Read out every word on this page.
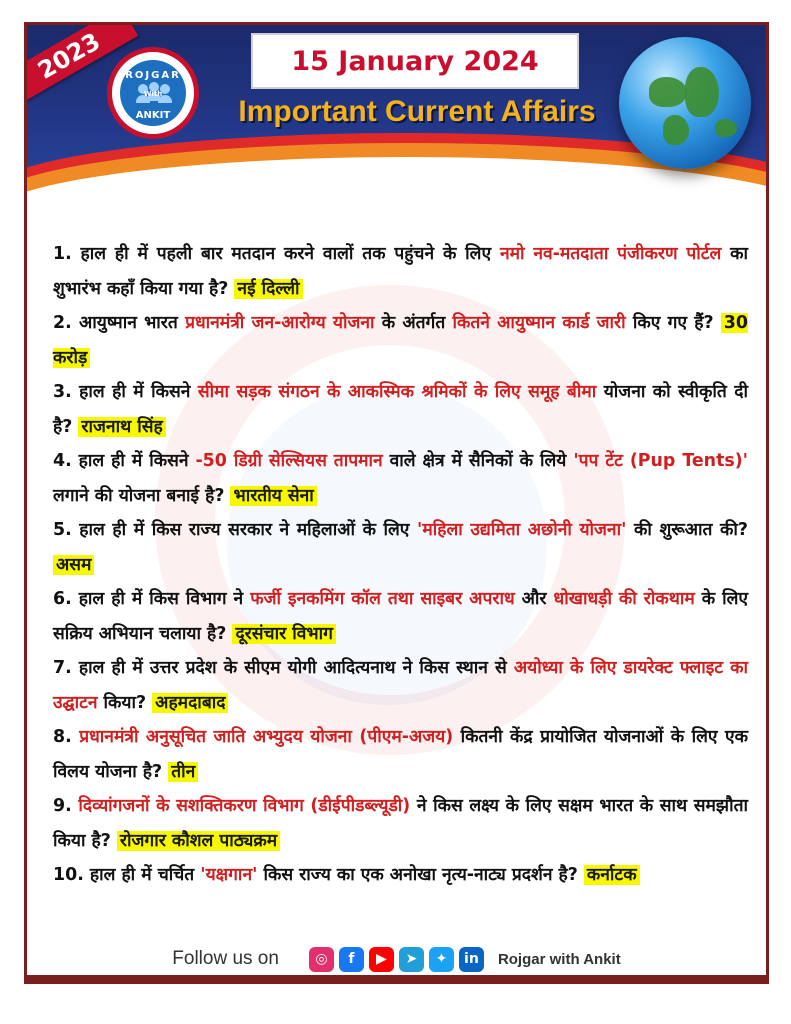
2023	ROJGAR
With
ANKIT
15 January 2024
Important Current Affairs

1. हाल ही में पहली बार मतदान करने वालों तक पहुंचने के लिए नमो नव-मतदाता पंजीकरण पोर्टल का शुभारंभ कहाँ किया गया है? नई दिल्ली

2. आयुष्मान भारत प्रधानमंत्री जन-आरोग्य योजना के अंतर्गत कितने आयुष्मान कार्ड जारी किए गए हैं? 30 करोड़

3. हाल ही में किसने सीमा सड़क संगठन के आकस्मिक श्रमिकों के लिए समूह बीमा योजना को स्वीकृति दी है? राजनाथ सिंह

4. हाल ही में किसने -50 डिग्री सेल्सियस तापमान वाले क्षेत्र में सैनिकों के लिये 'पप टेंट (Pup Tents)' लगाने की योजना बनाई है? भारतीय सेना

5. हाल ही में किस राज्य सरकार ने महिलाओं के लिए 'महिला उद्यमिता अछोनी योजना' की शुरूआत की? असम

6. हाल ही में किस विभाग ने फर्जी इनकमिंग कॉल तथा साइबर अपराध और धोखाधड़ी की रोकथाम के लिए सक्रिय अभियान चलाया है? दूरसंचार विभाग

7. हाल ही में उत्तर प्रदेश के सीएम योगी आदित्यनाथ ने किस स्थान से अयोध्या के लिए डायरेक्ट फ्लाइट का उद्घाटन किया? अहमदाबाद

8. प्रधानमंत्री अनुसूचित जाति अभ्युदय योजना (पीएम-अजय) कितनी केंद्र प्रायोजित योजनाओं के लिए एक विलय योजना है? तीन

9. दिव्यांगजनों के सशक्तिकरण विभाग (डीईपीडब्ल्यूडी) ने किस लक्ष्य के लिए सक्षम भारत के साथ समझौता किया है? रोजगार कौशल पाठ्यक्रम

10. हाल ही में चर्चित 'यक्षगान' किस राज्य का एक अनोखा नृत्य-नाट्य प्रदर्शन है? कर्नाटक

Follow us on	◎	f	▶	➤	✦	in	Rojgar with Ankit
